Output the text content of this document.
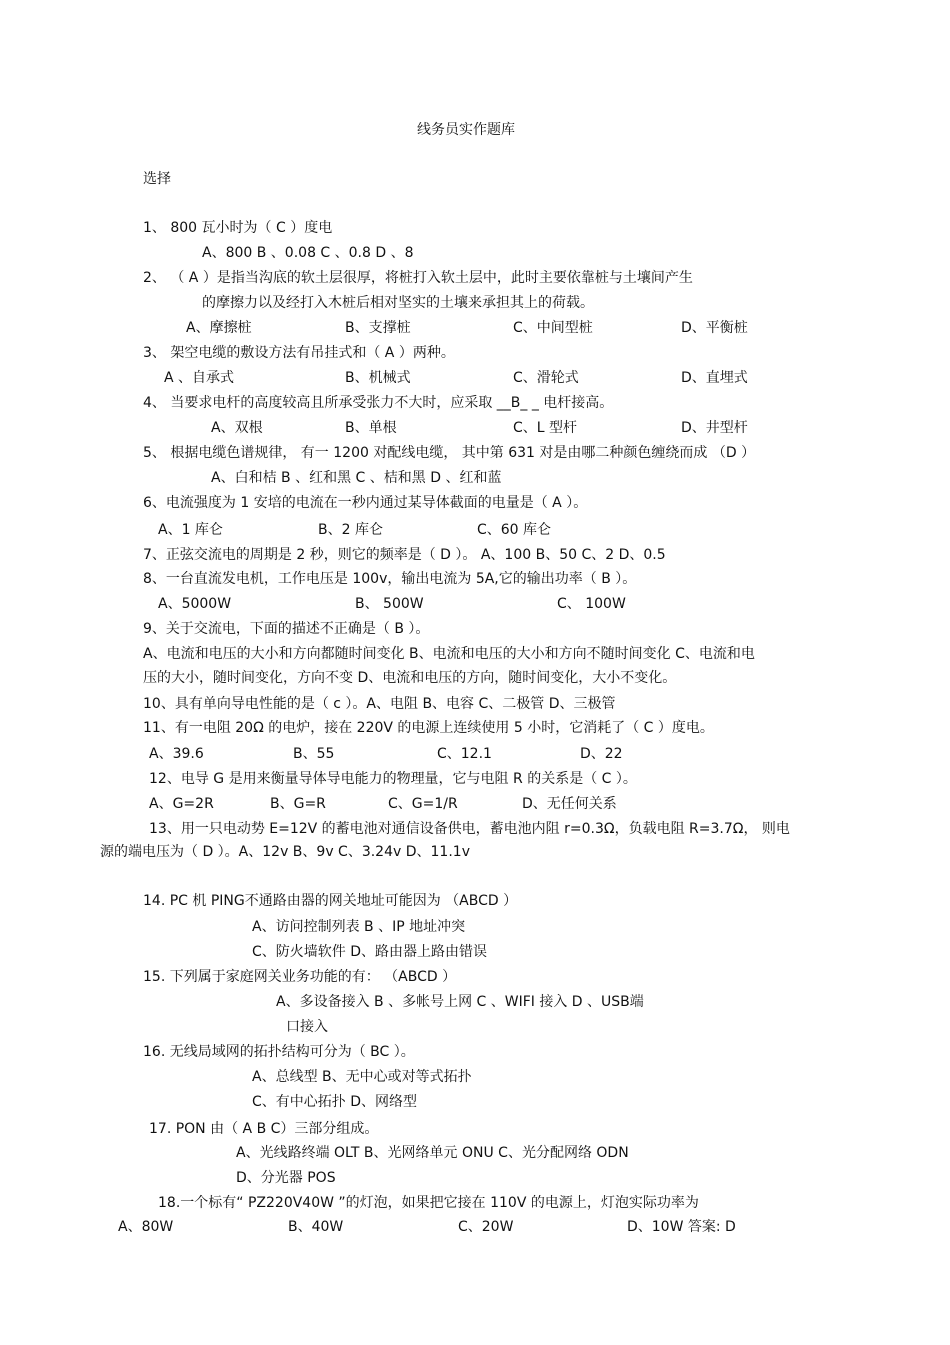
线务员实作题库
选择
1、 800 瓦小时为（ C ）度电
A、800 B 、0.08 C 、0.8 D 、8
2、 （ A ）是指当沟底的软土层很厚，将桩打入软土层中，此时主要依靠桩与土壤间产生
的摩擦力以及经打入木桩后相对坚实的土壤来承担其上的荷载。
A、摩擦桩	B、支撑桩	C、中间型桩	D、平衡桩
3、 架空电缆的敷设方法有吊挂式和（ A ）两种。
A 、自承式	B、机械式	C、滑轮式	D、直埋式
4、 当要求电杆的高度较高且所承受张力不大时，应采取 __B_ _ 电杆接高。
A、双根	B、单根	C、L 型杆	D、井型杆
5、 根据电缆色谱规律， 有一 1200 对配线电缆， 其中第 631 对是由哪二种颜色缠绕而成 （D ）
A、白和桔 B 、红和黑 C 、桔和黑 D 、红和蓝
6、电流强度为 1 安培的电流在一秒内通过某导体截面的电量是（ A ）。
A、1 库仑	B、2 库仑	C、60 库仑
7、正弦交流电的周期是 2 秒，则它的频率是（ D ）。 A、100 B、50 C、2 D、0.5
8、一台直流发电机，工作电压是 100v，输出电流为 5A,它的输出功率（ B ）。
A、5000W	B、 500W	C、 100W
9、关于交流电，下面的描述不正确是（ B ）。
A、电流和电压的大小和方向都随时间变化 B、电流和电压的大小和方向不随时间变化 C、电流和电
压的大小，随时间变化，方向不变 D、电流和电压的方向，随时间变化，大小不变化。
10、具有单向导电性能的是（ c ）。A、电阻 B、电容 C、二极管 D、三极管
11、有一电阻 20Ω 的电炉，接在 220V 的电源上连续使用 5 小时，它消耗了（ C ）度电。
A、39.6	B、55	C、12.1	D、22
12、电导 G 是用来衡量导体导电能力的物理量，它与电阻 R 的关系是（ C ）。
A、G=2R	B、G=R	C、G=1/R	D、无任何关系
13、用一只电动势 E=12V 的蓄电池对通信设备供电，蓄电池内阻 r=0.3Ω，负载电阻 R=3.7Ω， 则电
源的端电压为（ D ）。A、12v B、9v C、3.24v D、11.1v
14. PC 机 PING不通路由器的网关地址可能因为 （ABCD ）
A、访问控制列表 B 、IP 地址冲突
C、防火墙软件 D、路由器上路由错误
15. 下列属于家庭网关业务功能的有： （ABCD ）
A、多设备接入 B 、多帐号上网 C 、WIFI 接入 D 、USB端
口接入
16. 无线局域网的拓扑结构可分为（ BC ）。
A、总线型 B、无中心或对等式拓扑
C、有中心拓扑 D、网络型
17. PON 由（ A B C）三部分组成。
A、光线路终端 OLT B、光网络单元 ONU C、光分配网络 ODN
D、分光器 POS
18.一个标有“ PZ220V40W ”的灯泡，如果把它接在 110V 的电源上，灯泡实际功率为
A、80W	B、40W	C、20W	D、10W 答案: D
